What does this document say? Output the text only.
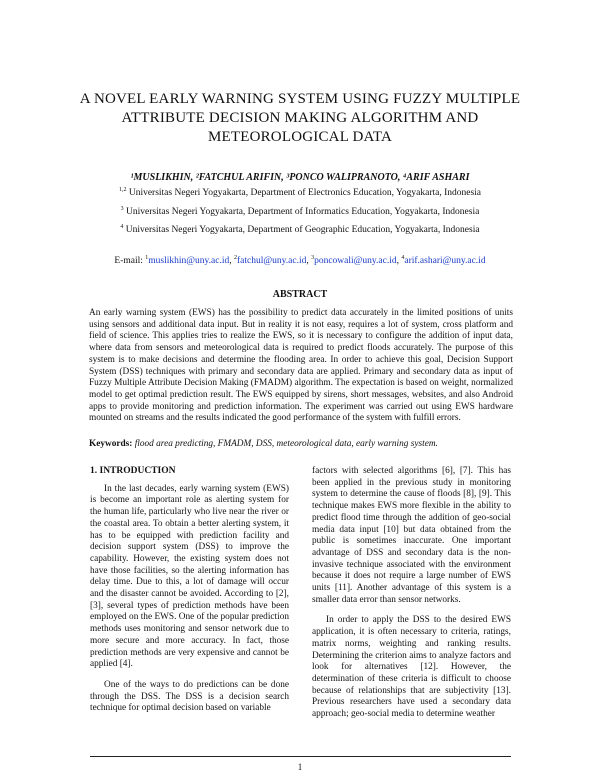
A NOVEL EARLY WARNING SYSTEM USING FUZZY MULTIPLE ATTRIBUTE DECISION MAKING ALGORITHM AND METEOROLOGICAL DATA
¹MUSLIKHIN, ²FATCHUL ARIFIN, ³PONCO WALIPRANOTO, ⁴ARIF ASHARI
$^{1,2}$ Universitas Negeri Yogyakarta, Department of Electronics Education, Yogyakarta, Indonesia
$^3$ Universitas Negeri Yogyakarta, Department of Informatics Education, Yogyakarta, Indonesia
$^4$ Universitas Negeri Yogyakarta, Department of Geographic Education, Yogyakarta, Indonesia
E-mail: $^1$muslikhin@uny.ac.id, $^2$fatchul@uny.ac.id, $^3$poncowali@uny.ac.id, $^4$arif.ashari@uny.ac.id
ABSTRACT

An early warning system (EWS) has the possibility to predict data accurately in the limited positions of units using sensors and additional data input. But in reality it is not easy, requires a lot of system, cross platform and field of science. This applies tries to realize the EWS, so it is necessary to configure the addition of input data, where data from sensors and meteorological data is required to predict floods accurately. The purpose of this system is to make decisions and determine the flooding area. In order to achieve this goal, Decision Support System (DSS) techniques with primary and secondary data are applied. Primary and secondary data as input of Fuzzy Multiple Attribute Decision Making (FMADM) algorithm. The expectation is based on weight, normalized model to get optimal prediction result. The EWS equipped by sirens, short messages, websites, and also Android apps to provide monitoring and prediction information. The experiment was carried out using EWS hardware mounted on streams and the results indicated the good performance of the system with fulfill errors.

Keywords: flood area predicting, FMADM, DSS, meteorological data, early warning system.

1. INTRODUCTION

In the last decades, early warning system (EWS) is become an important role as alerting system for the human life, particularly who live near the river or the coastal area. To obtain a better alerting system, it has to be equipped with prediction facility and decision support system (DSS) to improve the capability. However, the existing system does not have those facilities, so the alerting information has delay time. Due to this, a lot of damage will occur and the disaster cannot be avoided. According to [2], [3], several types of prediction methods have been employed on the EWS. One of the popular prediction methods uses monitoring and sensor network due to more secure and more accuracy. In fact, those prediction methods are very expensive and cannot be applied [4].

One of the ways to do predictions can be done through the DSS. The DSS is a decision search technique for optimal decision based on variable

factors with selected algorithms [6], [7]. This has been applied in the previous study in monitoring system to determine the cause of floods [8], [9]. This technique makes EWS more flexible in the ability to predict flood time through the addition of geo-social media data input [10] but data obtained from the public is sometimes inaccurate. One important advantage of DSS and secondary data is the non-invasive technique associated with the environment because it does not require a large number of EWS units [11]. Another advantage of this system is a smaller data error than sensor networks.

In order to apply the DSS to the desired EWS application, it is often necessary to criteria, ratings, matrix norms, weighting and ranking results. Determining the criterion aims to analyze factors and look for alternatives [12]. However, the determination of these criteria is difficult to choose because of relationships that are subjectivity [13]. Previous researchers have used a secondary data approach; geo-social media to determine weather

1
